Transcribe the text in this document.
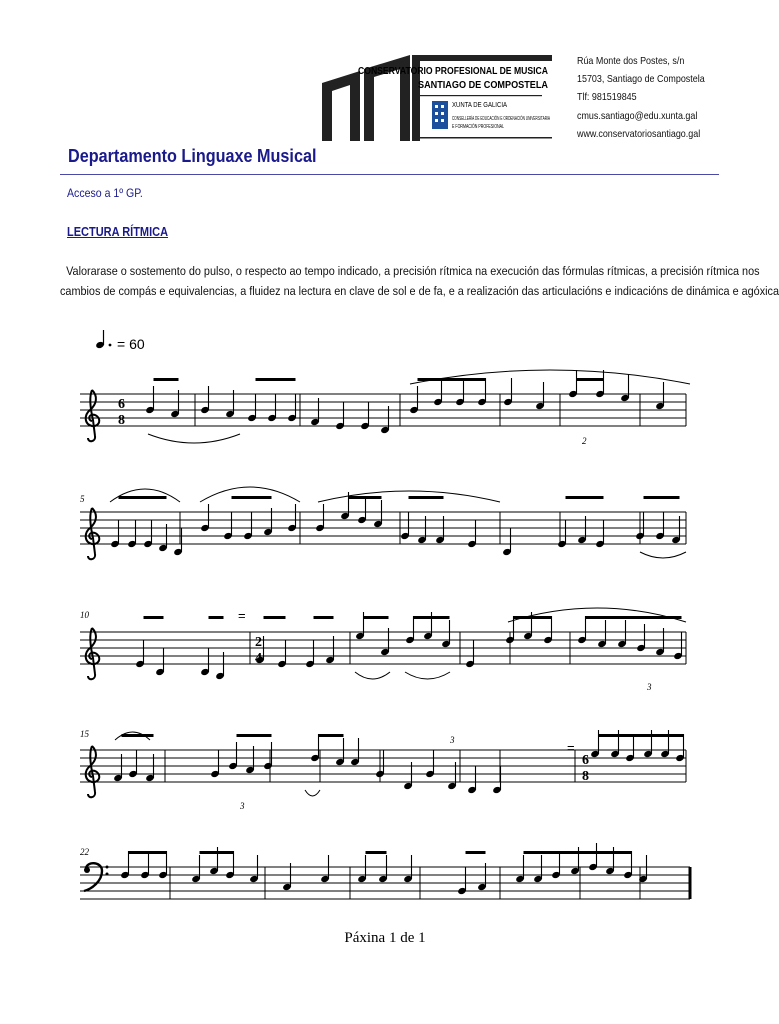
CONSERVATORIO PROFESIONAL DE MUSICA
SANTIAGO DE COMPOSTELA
XUNTA DE GALICIA
CONSELLERÍA DE EDUCACIÓN E ORDENACIÓN UNIVERSITARIA
E FORMACIÓN PROFESIONAL
Rúa Monte dos Postes, s/n
15703, Santiago de Compostela
Tlf: 981519845
cmus.santiago@edu.xunta.gal
www.conservatoriosantiago.gal
Departamento Linguaxe Musical
Acceso a 1º GP.
LECTURA RÍTMICA
Valorarase o sostemento do pulso, o respecto ao tempo indicado, a precisión rítmica na execución das fórmulas rítmicas, a precisión rítmica nos
cambios de compás e equivalencias, a fluidez na lectura en clave de sol e de fa, e a realización das articulacións e indicacións de dinámica e agóxica
= 60
6
8
2
4
6
8
5
10
15
22
2
3
3
3
=
=
Páxina 1 de 1
